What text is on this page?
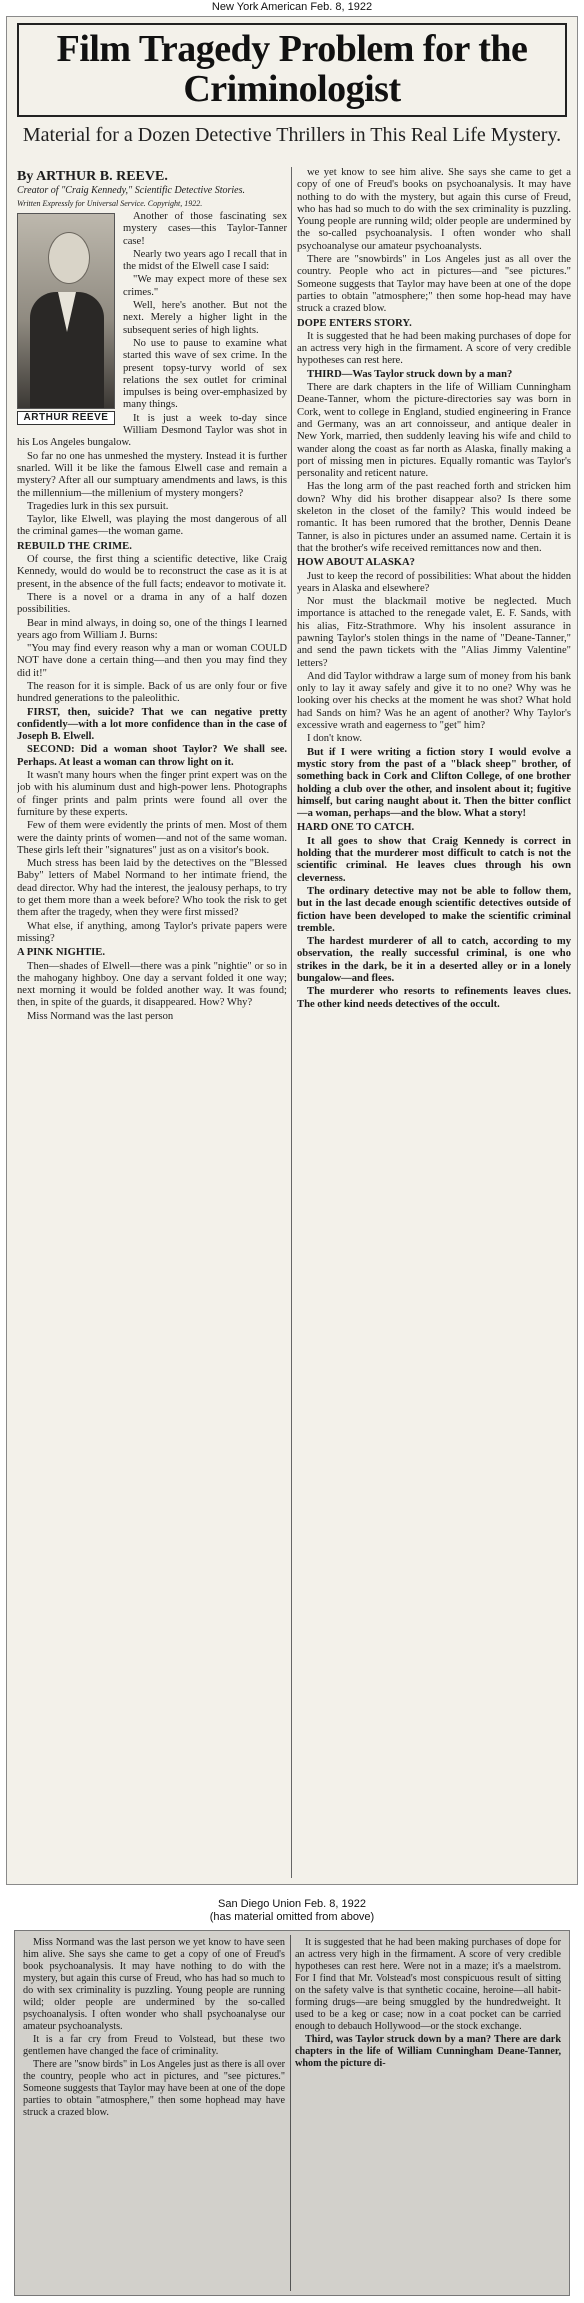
New York American Feb. 8, 1922
Film Tragedy Problem for the Criminologist
Material for a Dozen Detective Thrillers in This Real Life Mystery.
By ARTHUR B. REEVE.
Creator of "Craig Kennedy," Scientific Detective Stories.
Written Expressly for Universal Service. Copyright, 1922.
ARTHUR REEVE

Another of those fascinating sex mystery cases—this Taylor-Tanner case!

Nearly two years ago I recall that in the midst of the Elwell case I said:

"We may expect more of these sex crimes."

Well, here's another. But not the next. Merely a higher light in the subsequent series of high lights.

No use to pause to examine what started this wave of sex crime. In the present topsy-turvy world of sex relations the sex outlet for criminal impulses is being over-emphasized by many things.

It is just a week to-day since William Desmond Taylor was shot in his Los Angeles bungalow.

So far no one has unmeshed the mystery. Instead it is further snarled. Will it be like the famous Elwell case and remain a mystery? After all our sumptuary amendments and laws, is this the millennium—the millenium of mystery mongers?

Tragedies lurk in this sex pursuit.

Taylor, like Elwell, was playing the most dangerous of all the criminal games—the woman game.

REBUILD THE CRIME.

Of course, the first thing a scientific detective, like Craig Kennedy, would do would be to reconstruct the case as it is at present, in the absence of the full facts; endeavor to motivate it.

There is a novel or a drama in any of a half dozen possibilities.

Bear in mind always, in doing so, one of the things I learned years ago from William J. Burns:

"You may find every reason why a man or woman COULD NOT have done a certain thing—and then you may find they did it!"

The reason for it is simple. Back of us are only four or five hundred generations to the paleolithic.

FIRST, then, suicide? That we can negative pretty confidently—with a lot more confidence than in the case of Joseph B. Elwell.

SECOND: Did a woman shoot Taylor? We shall see. Perhaps. At least a woman can throw light on it.

It wasn't many hours when the finger print expert was on the job with his aluminum dust and high-power lens. Photographs of finger prints and palm prints were found all over the furniture by these experts.

Few of them were evidently the prints of men. Most of them were the dainty prints of women—and not of the same woman. These girls left their "signatures" just as on a visitor's book.

Much stress has been laid by the detectives on the "Blessed Baby" letters of Mabel Normand to her intimate friend, the dead director. Why had the interest, the jealousy perhaps, to try to get them more than a week before? Who took the risk to get them after the tragedy, when they were first missed?

What else, if anything, among Taylor's private papers were missing?

A PINK NIGHTIE.

Then—shades of Elwell—there was a pink "nightie" or so in the mahogany highboy. One day a servant folded it one way; next morning it would be folded another way. It was found; then, in spite of the guards, it disappeared. How? Why?

Miss Normand was the last person

we yet know to see him alive. She says she came to get a copy of one of Freud's books on psychoanalysis. It may have nothing to do with the mystery, but again this curse of Freud, who has had so much to do with the sex criminality is puzzling. Young people are running wild; older people are undermined by the so-called psychoanalysis. I often wonder who shall psychoanalyse our amateur psychoanalysts.

There are "snowbirds" in Los Angeles just as all over the country. People who act in pictures—and "see pictures." Someone suggests that Taylor may have been at one of the dope parties to obtain "atmosphere;" then some hop-head may have struck a crazed blow.

DOPE ENTERS STORY.

It is suggested that he had been making purchases of dope for an actress very high in the firmament. A score of very credible hypotheses can rest here.

THIRD—Was Taylor struck down by a man?

There are dark chapters in the life of William Cunningham Deane-Tanner, whom the picture-directories say was born in Cork, went to college in England, studied engineering in France and Germany, was an art connoisseur, and antique dealer in New York, married, then suddenly leaving his wife and child to wander along the coast as far north as Alaska, finally making a port of missing men in pictures. Equally romantic was Taylor's personality and reticent nature.

Has the long arm of the past reached forth and stricken him down? Why did his brother disappear also? Is there some skeleton in the closet of the family? This would indeed be romantic. It has been rumored that the brother, Dennis Deane Tanner, is also in pictures under an assumed name. Certain it is that the brother's wife received remittances now and then.

HOW ABOUT ALASKA?

Just to keep the record of possibilities: What about the hidden years in Alaska and elsewhere?

Nor must the blackmail motive be neglected. Much importance is attached to the renegade valet, E. F. Sands, with his alias, Fitz-Strathmore. Why his insolent assurance in pawning Taylor's stolen things in the name of "Deane-Tanner," and send the pawn tickets with the "Alias Jimmy Valentine" letters?

And did Taylor withdraw a large sum of money from his bank only to lay it away safely and give it to no one? Why was he looking over his checks at the moment he was shot? What hold had Sands on him? Was he an agent of another? Why Taylor's excessive wrath and eagerness to "get" him?

I don't know.

But if I were writing a fiction story I would evolve a mystic story from the past of a "black sheep" brother, of something back in Cork and Clifton College, of one brother holding a club over the other, and insolent about it; fugitive himself, but caring naught about it. Then the bitter conflict—a woman, perhaps—and the blow. What a story!

HARD ONE TO CATCH.

It all goes to show that Craig Kennedy is correct in holding that the murderer most difficult to catch is not the scientific criminal. He leaves clues through his own cleverness.

The ordinary detective may not be able to follow them, but in the last decade enough scientific detectives outside of fiction have been developed to make the scientific criminal tremble.

The hardest murderer of all to catch, according to my observation, the really successful criminal, is one who strikes in the dark, be it in a deserted alley or in a lonely bungalow—and flees.

The murderer who resorts to refinements leaves clues. The other kind needs detectives of the occult.

San Diego Union Feb. 8, 1922
(has material omitted from above)

Miss Normand was the last person we yet know to have seen him alive. She says she came to get a copy of one of Freud's book psychoanalysis. It may have nothing to do with the mystery, but again this curse of Freud, who has had so much to do with sex criminality is puzzling. Young people are running wild; older people are undermined by the so-called psychoanalysis. I often wonder who shall psychoanalyse our amateur psychoanalysts.

It is a far cry from Freud to Volstead, but these two gentlemen have changed the face of criminality.

There are "snow birds" in Los Angeles just as there is all over the country, people who act in pictures, and "see pictures." Someone suggests that Taylor may have been at one of the dope parties to obtain "atmosphere," then some hophead may have struck a crazed blow.

It is suggested that he had been making purchases of dope for an actress very high in the firmament. A score of very credible hypotheses can rest here. Were not in a maze; it's a maelstrom. For I find that Mr. Volstead's most conspicuous result of sitting on the safety valve is that synthetic cocaine, heroine—all habit-forming drugs—are being smuggled by the hundredweight. It used to be a keg or case; now in a coat pocket can be carried enough to debauch Hollywood—or the stock exchange.

Third, was Taylor struck down by a man? There are dark chapters in the life of William Cunningham Deane-Tanner, whom the picture di-
